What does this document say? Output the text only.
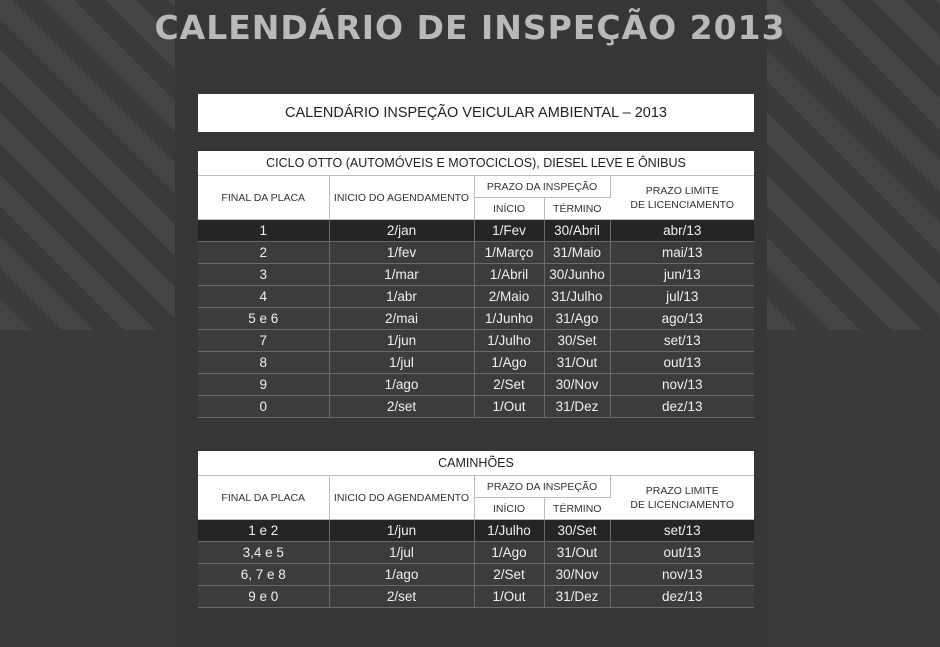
CALENDÁRIO DE INSPEÇÃO 2013
CALENDÁRIO INSPEÇÃO VEICULAR AMBIENTAL – 2013
CICLO OTTO (AUTOMÓVEIS E MOTOCICLOS), DIESEL LEVE E ÔNIBUS				
FINAL DA PLACA	INICIO DO AGENDAMENTO	PRAZO DA INSPEÇÃO		PRAZO LIMITE
DE LICENCIAMENTO
		INÍCIO	TÉRMINO	
1	2/jan	1/Fev	30/Abril	abr/13
2	1/fev	1/Março	31/Maio	mai/13
3	1/mar	1/Abril	30/Junho	jun/13
4	1/abr	2/Maio	31/Julho	jul/13
5 e 6	2/mai	1/Junho	31/Ago	ago/13
7	1/jun	1/Julho	30/Set	set/13
8	1/jul	1/Ago	31/Out	out/13
9	1/ago	2/Set	30/Nov	nov/13
0	2/set	1/Out	31/Dez	dez/13
CAMINHÕES				
FINAL DA PLACA	INICIO DO AGENDAMENTO	PRAZO DA INSPEÇÃO		PRAZO LIMITE
DE LICENCIAMENTO
		INÍCIO	TÉRMINO	
1 e 2	1/jun	1/Julho	30/Set	set/13
3,4 e 5	1/jul	1/Ago	31/Out	out/13
6, 7 e 8	1/ago	2/Set	30/Nov	nov/13
9 e 0	2/set	1/Out	31/Dez	dez/13
